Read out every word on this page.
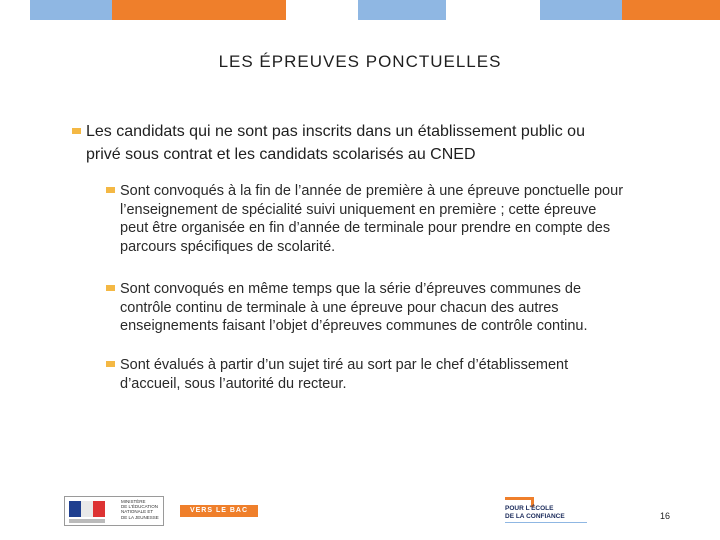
LES ÉPREUVES PONCTUELLES
Les candidats qui ne sont pas inscrits dans un établissement public ou
privé sous contrat et les candidats scolarisés au CNED
Sont convoqués à la fin de l’année de première à une épreuve ponctuelle pour
l’enseignement de spécialité suivi uniquement en première ; cette épreuve
peut être organisée en fin d’année de terminale pour prendre en compte des
parcours spécifiques de scolarité.
Sont convoqués en même temps que la série d’épreuves communes de
contrôle continu de terminale à une épreuve pour chacun des autres
enseignements faisant l’objet d’épreuves communes de contrôle continu.
Sont évalués à partir d’un sujet tiré au sort par le chef d’établissement
d’accueil, sous l’autorité du recteur.
MINISTÈRE
DE L'ÉDUCATION
NATIONALE ET
DE LA JEUNESSE
VERS LE BAC 2021
POUR L'ÉCOLE
DE LA CONFIANCE	16
